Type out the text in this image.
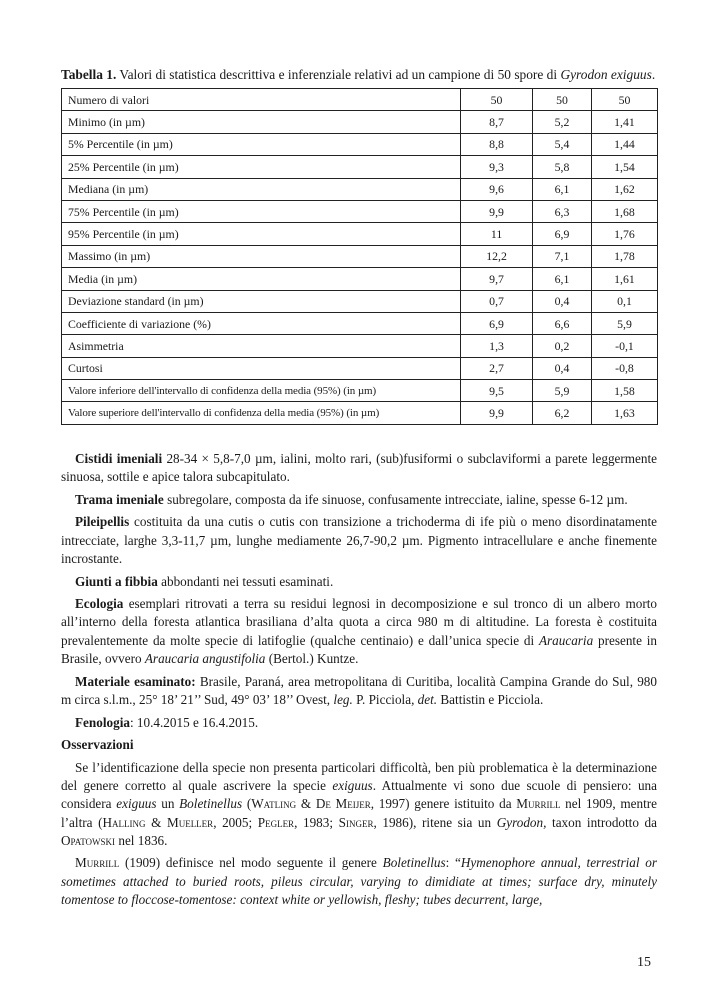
Tabella 1. Valori di statistica descrittiva e inferenziale relativi ad un campione di 50 spore di Gyrodon exiguus.

Numero di valori	50	50	50
Minimo (in µm)	8,7	5,2	1,41
5% Percentile (in µm)	8,8	5,4	1,44
25% Percentile (in µm)	9,3	5,8	1,54
Mediana (in µm)	9,6	6,1	1,62
75% Percentile (in µm)	9,9	6,3	1,68
95% Percentile (in µm)	11	6,9	1,76
Massimo (in µm)	12,2	7,1	1,78
Media (in µm)	9,7	6,1	1,61
Deviazione standard (in µm)	0,7	0,4	0,1
Coefficiente di variazione (%)	6,9	6,6	5,9
Asimmetria	1,3	0,2	-0,1
Curtosi	2,7	0,4	-0,8
Valore inferiore dell'intervallo di confidenza della media (95%) (in µm)	9,5	5,9	1,58
Valore superiore dell'intervallo di confidenza della media (95%) (in µm)	9,9	6,2	1,63

Cistidi imeniali 28-34 × 5,8-7,0 µm, ialini, molto rari, (sub)fusiformi o subclaviformi a parete leggermente sinuosa, sottile e apice talora subcapitulato.

Trama imeniale subregolare, composta da ife sinuose, confusamente intrecciate, ialine, spesse 6-12 µm.

Pileipellis costituita da una cutis o cutis con transizione a trichoderma di ife più o meno disordinatamente intrecciate, larghe 3,3-11,7 µm, lunghe mediamente 26,7-90,2 µm. Pigmento intracellulare e anche finemente incrostante.

Giunti a fibbia abbondanti nei tessuti esaminati.

Ecologia esemplari ritrovati a terra su residui legnosi in decomposizione e sul tronco di un albero morto all’interno della foresta atlantica brasiliana d’alta quota a circa 980 m di altitudine. La foresta è costituita prevalentemente da molte specie di latifoglie (qualche centinaio) e dall’unica specie di Araucaria presente in Brasile, ovvero Araucaria angustifolia (Bertol.) Kuntze.

Materiale esaminato: Brasile, Paraná, area metropolitana di Curitiba, località Campina Grande do Sul, 980 m circa s.l.m., 25° 18’ 21’’ Sud, 49° 03’ 18’’ Ovest, leg. P. Picciola, det. Battistin e Picciola.

Fenologia: 10.4.2015 e 16.4.2015.

Osservazioni

Se l’identificazione della specie non presenta particolari difficoltà, ben più problematica è la determinazione del genere corretto al quale ascrivere la specie exiguus. Attualmente vi sono due scuole di pensiero: una considera exiguus un Boletinellus (Watling & De Meijer, 1997) genere istituito da Murrill nel 1909, mentre l’altra (Halling & Mueller, 2005; Pegler, 1983; Singer, 1986), ritene sia un Gyrodon, taxon introdotto da Opatowski nel 1836.

Murrill (1909) definisce nel modo seguente il genere Boletinellus: “Hymenophore annual, terrestrial or sometimes attached to buried roots, pileus circular, varying to dimidiate at times; surface dry, minutely tomentose to floccose-tomentose: context white or yellowish, fleshy; tubes decurrent, large,

15
